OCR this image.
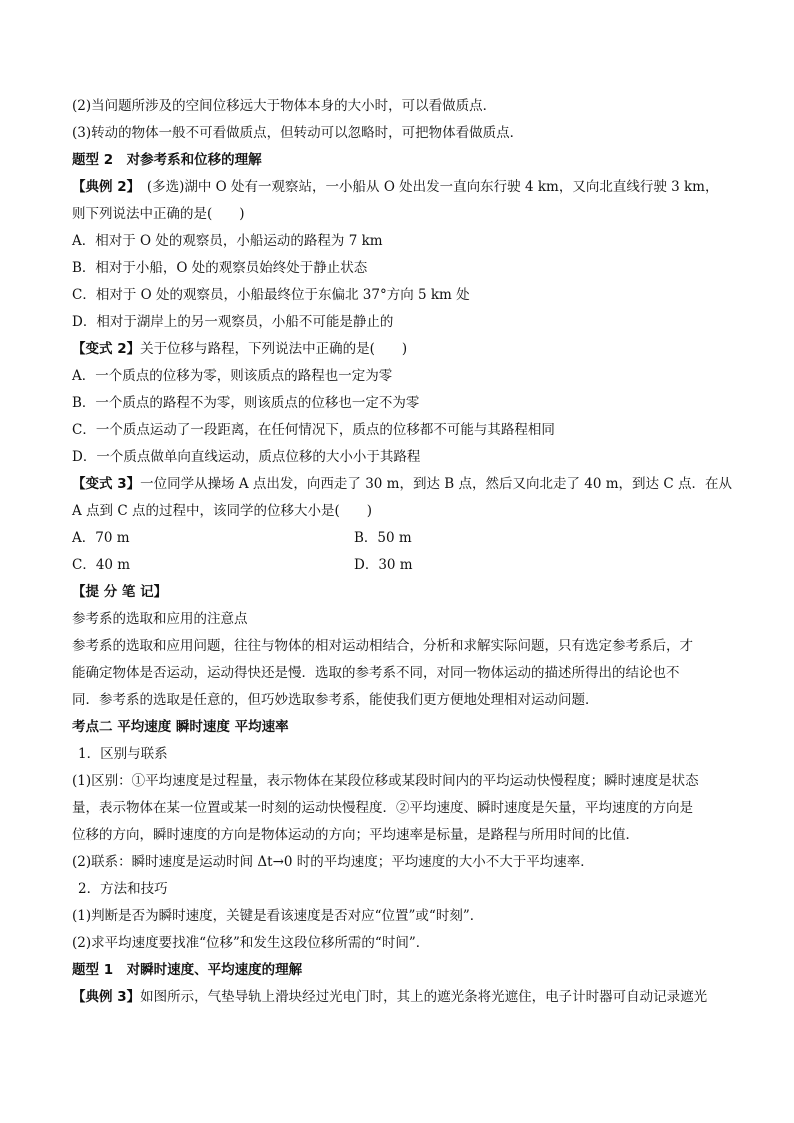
(2)当问题所涉及的空间位移远大于物体本身的大小时，可以看做质点．
(3)转动的物体一般不可看做质点，但转动可以忽略时，可把物体看做质点．
题型 2　对参考系和位移的理解
【典例 2】　(多选)湖中 O 处有一观察站，一小船从 O 处出发一直向东行驶 4 km，又向北直线行驶 3 km，
则下列说法中正确的是(　　)
A．相对于 O 处的观察员，小船运动的路程为 7 km
B．相对于小船，O 处的观察员始终处于静止状态
C．相对于 O 处的观察员，小船最终位于东偏北 37°方向 5 km 处
D．相对于湖岸上的另一观察员，小船不可能是静止的
【变式 2】关于位移与路程，下列说法中正确的是(　　)
A．一个质点的位移为零，则该质点的路程也一定为零
B．一个质点的路程不为零，则该质点的位移也一定不为零
C．一个质点运动了一段距离，在任何情况下，质点的位移都不可能与其路程相同
D．一个质点做单向直线运动，质点位移的大小小于其路程
【变式 3】一位同学从操场 A 点出发，向西走了 30 m，到达 B 点，然后又向北走了 40 m，到达 C 点．在从
A 点到 C 点的过程中，该同学的位移大小是(　　)
A．70 m	B．50 m
C．40 m	D．30 m
【提 分 笔 记】
参考系的选取和应用的注意点
参考系的选取和应用问题，往往与物体的相对运动相结合，分析和求解实际问题，只有选定参考系后，才
能确定物体是否运动，运动得快还是慢．选取的参考系不同，对同一物体运动的描述所得出的结论也不
同．参考系的选取是任意的，但巧妙选取参考系，能使我们更方便地处理相对运动问题．
考点二 平均速度 瞬时速度 平均速率
1．区别与联系
(1)区别：①平均速度是过程量，表示物体在某段位移或某段时间内的平均运动快慢程度；瞬时速度是状态
量，表示物体在某一位置或某一时刻的运动快慢程度．②平均速度、瞬时速度是矢量，平均速度的方向是
位移的方向，瞬时速度的方向是物体运动的方向；平均速率是标量，是路程与所用时间的比值．
(2)联系：瞬时速度是运动时间 Δt→0 时的平均速度；平均速度的大小不大于平均速率．
2．方法和技巧
(1)判断是否为瞬时速度，关键是看该速度是否对应“位置”或“时刻”．
(2)求平均速度要找准“位移”和发生这段位移所需的“时间”．
题型 1　对瞬时速度、平均速度的理解
【典例 3】如图所示，气垫导轨上滑块经过光电门时，其上的遮光条将光遮住，电子计时器可自动记录遮光
